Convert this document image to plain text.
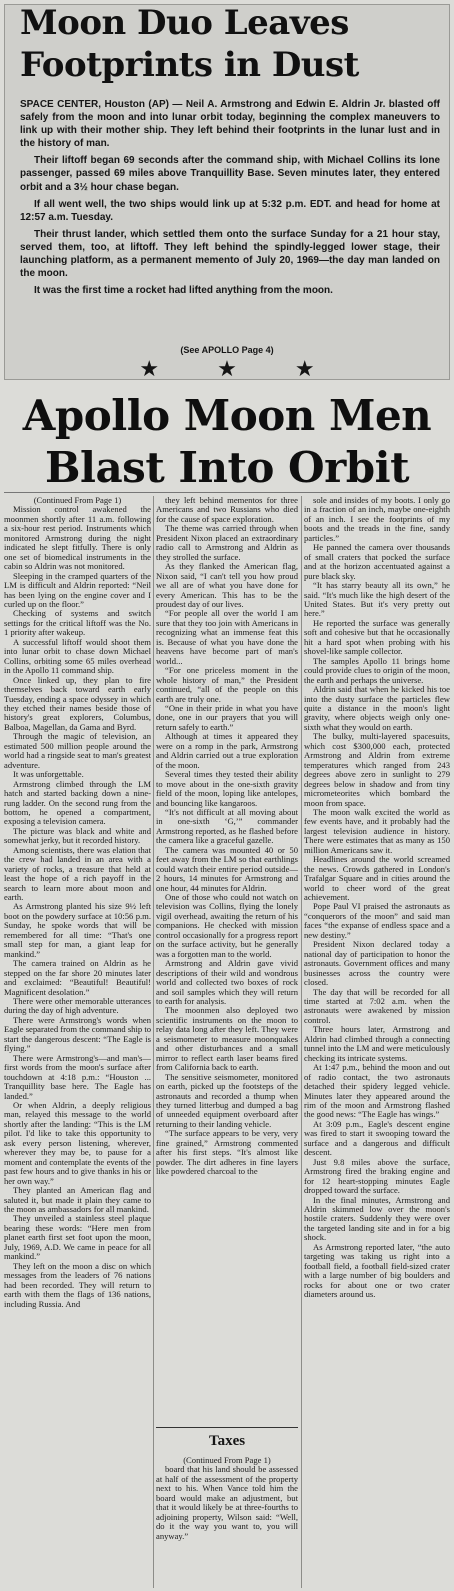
Moon Duo Leaves
Footprints in Dust

SPACE CENTER, Houston (AP) — Neil A. Armstrong and Edwin E. Aldrin Jr. blasted off safely from the moon and into lunar orbit today, beginning the complex maneuvers to link up with their mother ship. They left behind their footprints in the lunar lust and in the history of man.

Their liftoff began 69 seconds after the command ship, with Michael Collins its lone passenger, passed 69 miles above Tranquillity Base. Seven minutes later, they entered orbit and a 3½ hour chase began.

If all went well, the two ships would link up at 5:32 p.m. EDT. and head for home at 12:57 a.m. Tuesday.

Their thrust lander, which settled them onto the surface Sunday for a 21 hour stay, served them, too, at liftoff. They left behind the spindly-legged lower stage, their launching platform, as a permanent memento of July 20, 1969—the day man landed on the moon.

It was the first time a rocket had lifted anything from the moon.

(See APOLLO Page 4)
★★★
Apollo Moon Men
Blast Into Orbit

(Continued From Page 1)

Mission control awakened the moonmen shortly after 11 a.m. following a six-hour rest period. Instruments which monitored Armstrong during the night indicated he slept fitfully. There is only one set of biomedical instruments in the cabin so Aldrin was not monitored.

Sleeping in the cramped quarters of the LM is difficult and Aldrin reported: “Neil has been lying on the engine cover and I curled up on the floor.”

Checking of systems and switch settings for the critical liftoff was the No. 1 priority after wakeup.

A successful liftoff would shoot them into lunar orbit to chase down Michael Collins, orbiting some 65 miles overhead in the Apollo 11 command ship.

Once linked up, they plan to fire themselves back toward earth early Tuesday, ending a space odyssey in which they etched their names beside those of history's great explorers, Columbus, Balboa, Magellan, da Gama and Byrd.

Through the magic of television, an estimated 500 million people around the world had a ringside seat to man's greatest adventure.

It was unforgettable.

Armstrong climbed through the LM hatch and started backing down a nine-rung ladder. On the second rung from the bottom, he opened a compartment, exposing a television camera.

The picture was black and white and somewhat jerky, but it recorded history.

Among scientists, there was elation that the crew had landed in an area with a variety of rocks, a treasure that held at least the hope of a rich payoff in the search to learn more about moon and earth.

As Armstrong planted his size 9½ left boot on the powdery surface at 10:56 p.m. Sunday, he spoke words that will be remembered for all time: “That's one small step for man, a giant leap for mankind.”

The camera trained on Aldrin as he stepped on the far shore 20 minutes later and exclaimed: “Beautiful! Beautiful! Magnificent desolation.”

There were other memorable utterances during the day of high adventure.

There were Armstrong's words when Eagle separated from the command ship to start the dangerous descent: “The Eagle is flying.”

There were Armstrong's—and man's—first words from the moon's surface after touchdown at 4:18 p.m.: “Houston ... Tranquillity base here. The Eagle has landed.”

Or when Aldrin, a deeply religious man, relayed this message to the world shortly after the landing: “This is the LM pilot. I'd like to take this opportunity to ask every person listening, wherever, wherever they may be, to pause for a moment and contemplate the events of the past few hours and to give thanks in his or her own way.”

They planted an American flag and saluted it, but made it plain they came to the moon as ambassadors for all mankind.

They unveiled a stainless steel plaque bearing these words: “Here men from planet earth first set foot upon the moon, July, 1969, A.D. We came in peace for all mankind.”

They left on the moon a disc on which messages from the leaders of 76 nations had been recorded. They will return to earth with them the flags of 136 nations, including Russia. And

they left behind mementos for three Americans and two Russians who died for the cause of space exploration.

The theme was carried through when President Nixon placed an extraordinary radio call to Armstrong and Aldrin as they strolled the surface.

As they flanked the American flag, Nixon said, “I can't tell you how proud we all are of what you have done for every American. This has to be the proudest day of our lives.

“For people all over the world I am sure that they too join with Americans in recognizing what an immense feat this is. Because of what you have done the heavens have become part of man's world...

“For one priceless moment in the whole history of man,” the President continued, “all of the people on this earth are truly one.

“One in their pride in what you have done, one in our prayers that you will return safely to earth.”

Although at times it appeared they were on a romp in the park, Armstrong and Aldrin carried out a true exploration of the moon.

Several times they tested their ability to move about in the one-sixth gravity field of the moon, loping like antelopes, and bouncing like kangaroos.

“It's not difficult at all moving about in one-sixth ‘G,’” commander Armstrong reported, as he flashed before the camera like a graceful gazelle.

The camera was mounted 40 or 50 feet away from the LM so that earthlings could watch their entire period outside—2 hours, 14 minutes for Armstrong and one hour, 44 minutes for Aldrin.

One of those who could not watch on television was Collins, flying the lonely vigil overhead, awaiting the return of his companions. He checked with mission control occasionally for a progress report on the surface activity, but he generally was a forgotten man to the world.

Armstrong and Aldrin gave vivid descriptions of their wild and wondrous world and collected two boxes of rock and soil samples which they will return to earth for analysis.

The moonmen also deployed two scientific instruments on the moon to relay data long after they left. They were a seismometer to measure moonquakes and other disturbances and a small mirror to reflect earth laser beams fired from California back to earth.

The sensitive seismometer, monitored on earth, picked up the footsteps of the astronauts and recorded a thump when they turned litterbug and dumped a bag of unneeded equipment overboard after returning to their landing vehicle.

“The surface appears to be very, very fine grained,” Armstrong commented after his first steps. “It's almost like powder. The dirt adheres in fine layers like powdered charcoal to the

Taxes

(Continued From Page 1)

board that his land should be assessed at half of the assessment of the property next to his. When Vance told him the board would make an adjustment, but that it would likely be at three-fourths to adjoining property, Wilson said: “Well, do it the way you want to, you will anyway.”

sole and insides of my boots. I only go in a fraction of an inch, maybe one-eighth of an inch. I see the footprints of my boots and the treads in the fine, sandy particles.”

He panned the camera over thousands of small craters that pocked the surface and at the horizon accentuated against a pure black sky.

“It has starry beauty all its own,” he said. “It's much like the high desert of the United States. But it's very pretty out here.”

He reported the surface was generally soft and cohesive but that he occasionally hit a hard spot when probing with his shovel-like sample collector.

The samples Apollo 11 brings home could provide clues to origin of the moon, the earth and perhaps the universe.

Aldrin said that when he kicked his toe into the dusty surface the particles flew quite a distance in the moon's light gravity, where objects weigh only one-sixth what they would on earth.

The bulky, multi-layered spacesuits, which cost $300,000 each, protected Armstrong and Aldrin from extreme temperatures which ranged from 243 degrees above zero in sunlight to 279 degrees below in shadow and from tiny micrometeorites which bombard the moon from space.

The moon walk excited the world as few events have, and it probably had the largest television audience in history. There were estimates that as many as 150 million Americans saw it.

Headlines around the world screamed the news. Crowds gathered in London's Trafalgar Square and in cities around the world to cheer word of the great achievement.

Pope Paul VI praised the astronauts as “conquerors of the moon” and said man faces “the expanse of endless space and a new destiny.”

President Nixon declared today a national day of participation to honor the astronauts. Government offices and many businesses across the country were closed.

The day that will be recorded for all time started at 7:02 a.m. when the astronauts were awakened by mission control.

Three hours later, Armstrong and Aldrin had climbed through a connecting tunnel into the LM and were meticulously checking its intricate systems.

At 1:47 p.m., behind the moon and out of radio contact, the two astronauts detached their spidery legged vehicle. Minutes later they appeared around the rim of the moon and Armstrong flashed the good news: “The Eagle has wings.”

At 3:09 p.m., Eagle's descent engine was fired to start it swooping toward the surface and a dangerous and difficult descent.

Just 9.8 miles above the surface, Armstrong fired the braking engine and for 12 heart-stopping minutes Eagle dropped toward the surface.

In the final minutes, Armstrong and Aldrin skimmed low over the moon's hostile craters. Suddenly they were over the targeted landing site and in for a big shock.

As Armstrong reported later, “the auto targeting was taking us right into a football field, a football field-sized crater with a large number of big boulders and rocks for about one or two crater diameters around us.
